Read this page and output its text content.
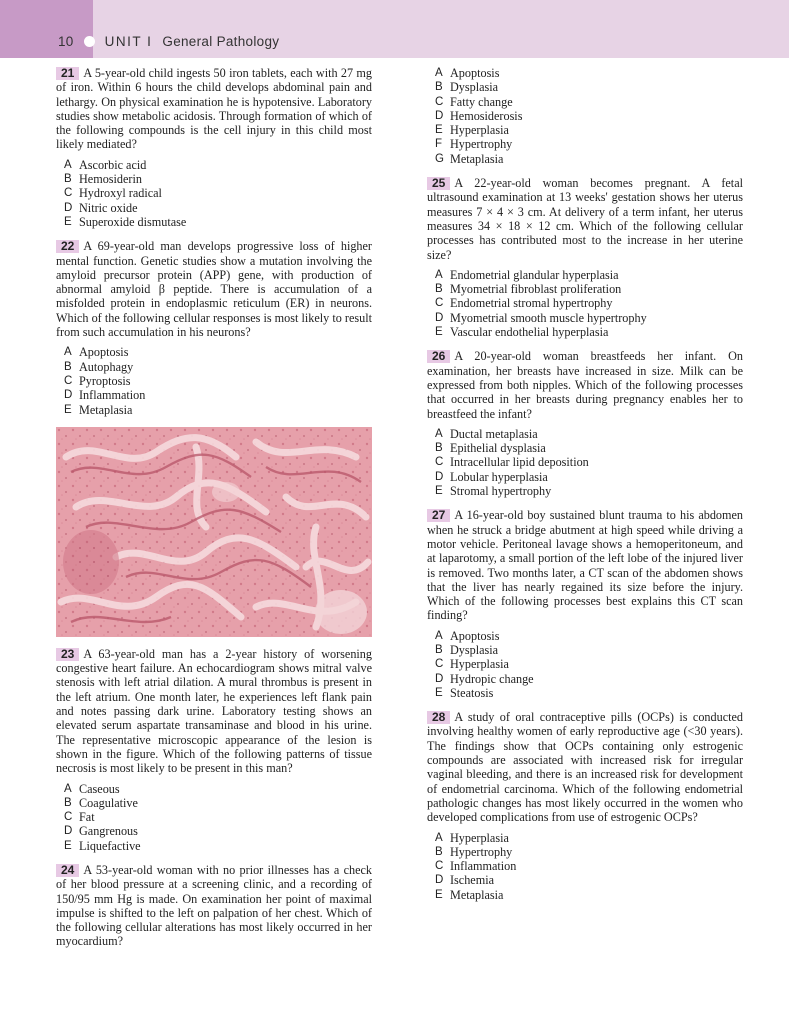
10 UNIT I General Pathology

21 A 5-year-old child ingests 50 iron tablets, each with 27 mg of iron. Within 6 hours the child develops abdominal pain and lethargy. On physical examination he is hypotensive. Laboratory studies show metabolic acidosis. Through formation of which of the following compounds is the cell injury in this child most likely mediated?

A Ascorbic acid
B Hemosiderin
C Hydroxyl radical
D Nitric oxide
E Superoxide dismutase

22 A 69-year-old man develops progressive loss of higher mental function. Genetic studies show a mutation involving the amyloid precursor protein (APP) gene, with production of abnormal amyloid β peptide. There is accumulation of a misfolded protein in endoplasmic reticulum (ER) in neurons. Which of the following cellular responses is most likely to result from such accumulation in his neurons?

A Apoptosis
B Autophagy
C Pyroptosis
D Inflammation
E Metaplasia

23 A 63-year-old man has a 2-year history of worsening congestive heart failure. An echocardiogram shows mitral valve stenosis with left atrial dilation. A mural thrombus is present in the left atrium. One month later, he experiences left flank pain and notes passing dark urine. Laboratory testing shows an elevated serum aspartate transaminase and blood in his urine. The representative microscopic appearance of the lesion is shown in the figure. Which of the following patterns of tissue necrosis is most likely to be present in this man?

A Caseous
B Coagulative
C Fat
D Gangrenous
E Liquefactive

24 A 53-year-old woman with no prior illnesses has a check of her blood pressure at a screening clinic, and a recording of 150/95 mm Hg is made. On examination her point of maximal impulse is shifted to the left on palpation of her chest. Which of the following cellular alterations has most likely occurred in her myocardium?

A Apoptosis
B Dysplasia
C Fatty change
D Hemosiderosis
E Hyperplasia
F Hypertrophy
G Metaplasia

25 A 22-year-old woman becomes pregnant. A fetal ultrasound examination at 13 weeks' gestation shows her uterus measures 7 × 4 × 3 cm. At delivery of a term infant, her uterus measures 34 × 18 × 12 cm. Which of the following cellular processes has contributed most to the increase in her uterine size?

A Endometrial glandular hyperplasia
B Myometrial fibroblast proliferation
C Endometrial stromal hypertrophy
D Myometrial smooth muscle hypertrophy
E Vascular endothelial hyperplasia

26 A 20-year-old woman breastfeeds her infant. On examination, her breasts have increased in size. Milk can be expressed from both nipples. Which of the following processes that occurred in her breasts during pregnancy enables her to breastfeed the infant?

A Ductal metaplasia
B Epithelial dysplasia
C Intracellular lipid deposition
D Lobular hyperplasia
E Stromal hypertrophy

27 A 16-year-old boy sustained blunt trauma to his abdomen when he struck a bridge abutment at high speed while driving a motor vehicle. Peritoneal lavage shows a hemoperitoneum, and at laparotomy, a small portion of the left lobe of the injured liver is removed. Two months later, a CT scan of the abdomen shows that the liver has nearly regained its size before the injury. Which of the following processes best explains this CT scan finding?

A Apoptosis
B Dysplasia
C Hyperplasia
D Hydropic change
E Steatosis

28 A study of oral contraceptive pills (OCPs) is conducted involving healthy women of early reproductive age (<30 years). The findings show that OCPs containing only estrogenic compounds are associated with increased risk for irregular vaginal bleeding, and there is an increased risk for development of endometrial carcinoma. Which of the following endometrial pathologic changes has most likely occurred in the women who developed complications from use of estrogenic OCPs?

A Hyperplasia
B Hypertrophy
C Inflammation
D Ischemia
E Metaplasia
